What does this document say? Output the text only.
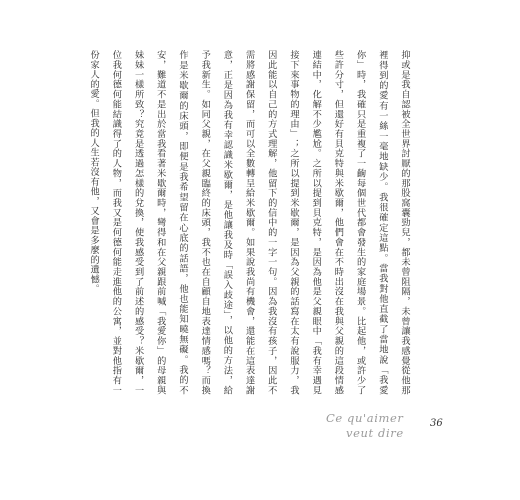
抑或是我自認被全世界討厭的那股窩囊勁兒，都未曾阻隔，未曾讓我感覺從他那裡得到的愛有一絲一毫地缺少。我很確定這點。當我對他直截了當地說「我愛你」時，我確只是重複了一齣每個世代都會發生的家庭場景。比起他，或許少了些許分寸，但還好有貝克特與米歇爾，他們會在不時出沒在我與父親的這段情感連結中，化解不少尷尬。之所以提到貝克特，是因為他是父親眼中「我有幸遇見接下來事物的理由」；之所以提到米歇爾，是因為父親的話寫在太有說服力，我因此能以自己的方式理解，他留下的信中的一字一句。因為我沒有孩子，因此不需將感謝保留，而可以全數轉呈給米歇爾。如果說我尚有機會，還能在這表達謝意，正是因為我有幸認識米歇爾，是他讓我及時「誤入歧途」，以他的方法，給予我新生。如同父親，在父親臨終的床頭，我不也在自顧自地表達情感嗎？而換作是米歇爾的床頭，即便是我希望留在心底的話語，他也能知曉無礙。我的不安，難道不是出於當我看著米歇爾時，彎得和在父親跟前喊「我愛你」的母親與妹妹一樣所致？究竟是透過怎樣的兌換，使我感受到了前述的感受？米歇爾，一位我何德何能結識得了的人物，而我又是何德何能走進他的公寓，並對他指有一份家人的愛。但我的人生若沒有他，又會是多麼的遺憾。

Ce qu'aimer
veut dire
36
